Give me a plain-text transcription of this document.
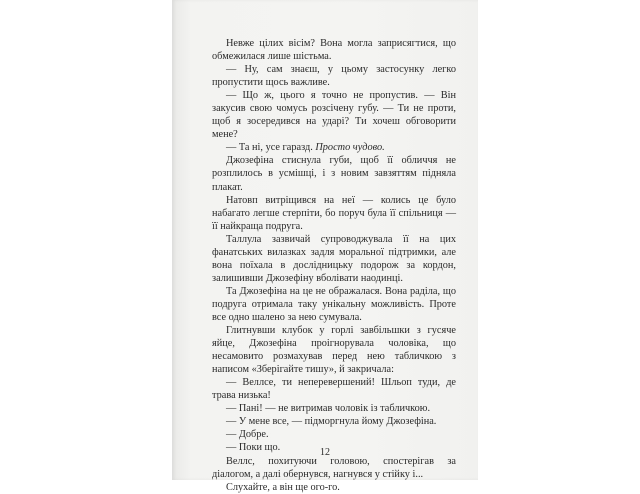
Невже цілих вісім? Вона могла заприсягтися, що обмежилася лише шістьма.

— Ну, сам знаєш, у цьому застосунку легко пропустити щось важливе.

— Що ж, цього я точно не пропустив. — Він закусив свою чомусь розсічену губу. — Ти не проти, щоб я зосередився на ударі? Ти хочеш обговорити мене?

— Та ні, усе гаразд. Просто чудово.

Джозефіна стиснула губи, щоб її обличчя не розплилось в усмішці, і з новим завзяттям підняла плакат.

Натовп витріщився на неї — колись це було набагато легше стерпіти, бо поруч була її спільниця — її найкраща подруга.

Таллула зазвичай супроводжувала її на цих фанатських вилазках задля моральної підтримки, але вона поїхала в дослідницьку подорож за кордон, залишивши Джозефіну вболівати наодинці.

Та Джозефіна на це не ображалася. Вона раділа, що подруга отримала таку унікальну можливість. Проте все одно шалено за нею сумувала.

Глитнувши клубок у горлі завбільшки з гусяче яйце, Джозефіна проігнорувала чоловіка, що несамовито розмахував перед нею табличкою з написом «Зберігайте тишу», й закричала:

— Веллсе, ти неперевершений! Шльоп туди, де трава низька!

— Пані! — не витримав чоловік із табличкою.

— У мене все, — підморгнула йому Джозефіна.

— Добре.

— Поки що.

Веллс, похитуючи головою, спостерігав за діалогом, а далі обернувся, нагнувся у стійку і...

Слухайте, а він ще ого-го.

12
